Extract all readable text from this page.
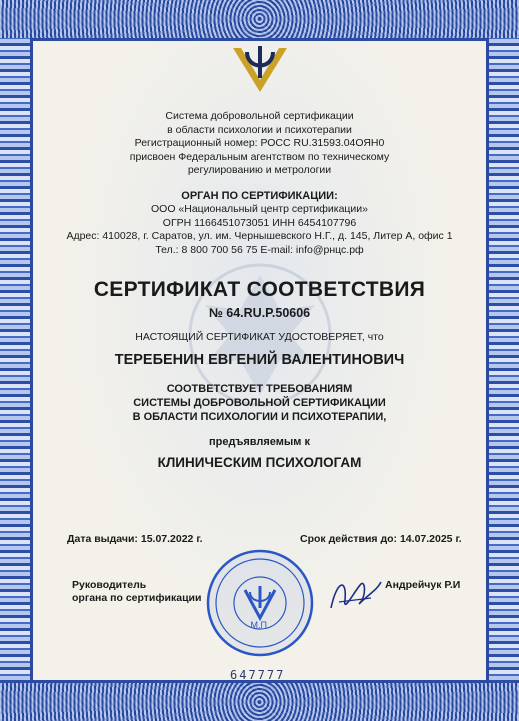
Система добровольной сертификации
в области психологии и психотерапии
Регистрационный номер: РОСС RU.31593.04ОЯН0
присвоен Федеральным агентством по техническому
регулированию и метрологии
ОРГАН ПО СЕРТИФИКАЦИИ:
ООО «Национальный центр сертификации»
ОГРН 1166451073051 ИНН 6454107796
Адрес: 410028, г. Саратов, ул. им. Чернышевского Н.Г., д. 145, Литер А, офис 1
Тел.: 8 800 700 56 75 E-mail: info@рнцс.рф
СЕРТИФИКАТ СООТВЕТСТВИЯ
№ 64.RU.P.50606
НАСТОЯЩИЙ СЕРТИФИКАТ УДОСТОВЕРЯЕТ, что
ТЕРЕБЕНИН ЕВГЕНИЙ ВАЛЕНТИНОВИЧ
СООТВЕТСТВУЕТ ТРЕБОВАНИЯМ
СИСТЕМЫ ДОБРОВОЛЬНОЙ СЕРТИФИКАЦИИ
В ОБЛАСТИ ПСИХОЛОГИИ И ПСИХОТЕРАПИИ,
предъявляемым к
КЛИНИЧЕСКИМ ПСИХОЛОГАМ
Дата выдачи: 15.07.2022 г.	Срок действия до: 14.07.2025 г.
Руководитель
органа по сертификации
М.П.
Андрейчук Р.И
647777
